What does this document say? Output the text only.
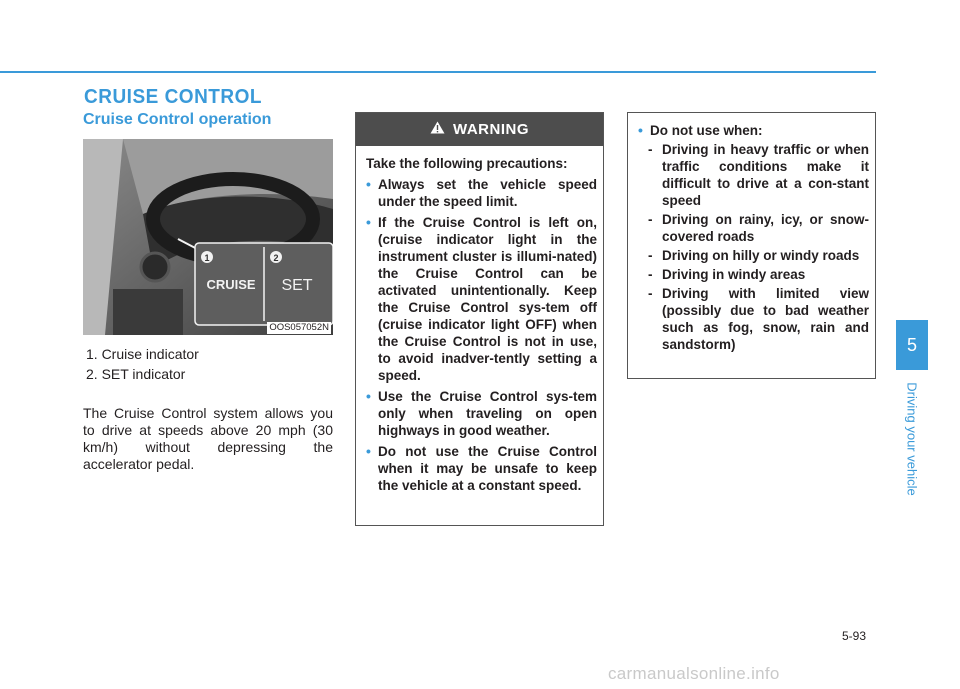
CRUISE CONTROL
Cruise Control operation
1	2
CRUISE SET
OOS057052N
1. Cruise indicator
2. SET indicator
The Cruise Control system allows you to drive at speeds above 20 mph (30 km/h) without depressing the accelerator pedal.
WARNING
Take the following precautions:
• Always set the vehicle speed under the speed limit.
• If the Cruise Control is left on, (cruise indicator light in the instrument cluster is illumi-nated) the Cruise Control can be activated unintentionally. Keep the Cruise Control sys-tem off (cruise indicator light OFF) when the Cruise Control is not in use, to avoid inadver-tently setting a speed.
• Use the Cruise Control sys-tem only when traveling on open highways in good weather.
• Do not use the Cruise Control when it may be unsafe to keep the vehicle at a constant speed.
• Do not use when:
- Driving in heavy traffic or when traffic conditions make it difficult to drive at a con-stant speed
- Driving on rainy, icy, or snow-covered roads
- Driving on hilly or windy roads
- Driving in windy areas
- Driving with limited view (possibly due to bad weather such as fog, snow, rain and sandstorm)	5
Driving your vehicle
5-93
carmanualsonline.info
